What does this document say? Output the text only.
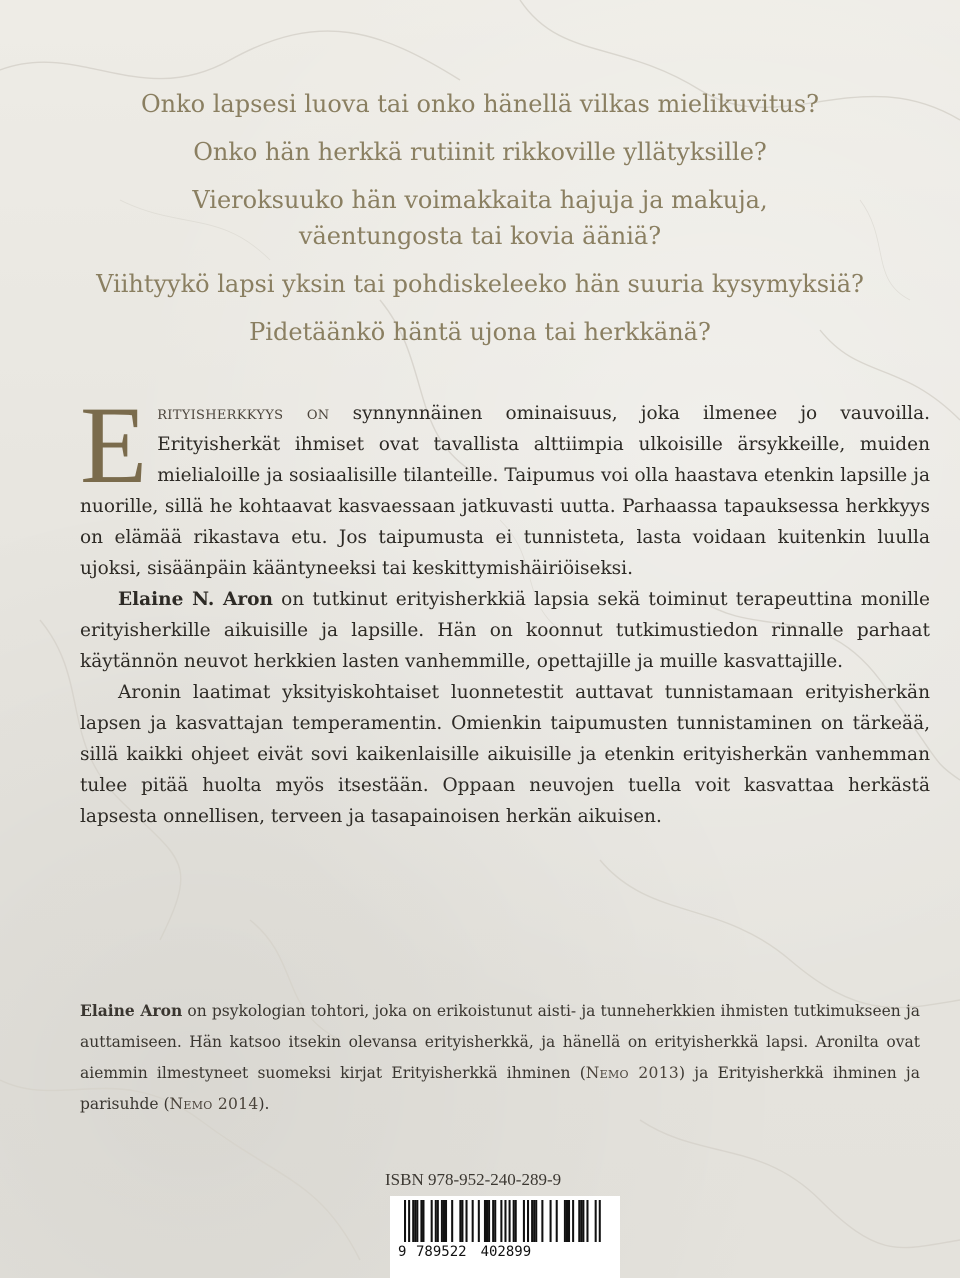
Onko lapsesi luova tai onko hänellä vilkas mielikuvitus?
Onko hän herkkä rutiinit rikkoville yllätyksille?
Vieroksuuko hän voimakkaita hajuja ja makuja,
väentungosta tai kovia ääniä?
Viihtyykö lapsi yksin tai pohdiskeleeko hän suuria kysymyksiä?
Pidetäänkö häntä ujona tai herkkänä?

Erityisherkkyys on synnynnäinen ominaisuus, joka ilmenee jo vauvoilla. Erityisherkät ihmiset ovat tavallista alttiimpia ulkoisille ärsykkeille, muiden mielialoille ja sosiaalisille tilanteille. Taipumus voi olla haastava etenkin lapsille ja nuorille, sillä he kohtaavat kasvaessaan jatkuvasti uutta. Parhaassa tapauksessa herkkyys on elämää rikastava etu. Jos taipumusta ei tunnisteta, lasta voidaan kuitenkin luulla ujoksi, sisäänpäin kääntyneeksi tai keskittymishäiriöiseksi.

Elaine N. Aron on tutkinut erityisherkkiä lapsia sekä toiminut terapeuttina monille erityisherkille aikuisille ja lapsille. Hän on koonnut tutkimustiedon rinnalle parhaat käytännön neuvot herkkien lasten vanhemmille, opettajille ja muille kasvattajille.

Aronin laatimat yksityiskohtaiset luonnetestit auttavat tunnistamaan erityisherkän lapsen ja kasvattajan temperamentin. Omienkin taipumusten tunnistaminen on tärkeää, sillä kaikki ohjeet eivät sovi kaikenlaisille aikuisille ja etenkin erityisherkän vanhemman tulee pitää huolta myös itsestään. Oppaan neuvojen tuella voit kasvattaa herkästä lapsesta onnellisen, terveen ja tasapainoisen herkän aikuisen.

Elaine Aron on psykologian tohtori, joka on erikoistunut aisti- ja tunneherkkien ihmisten tutkimukseen ja auttamiseen. Hän katsoo itsekin olevansa erityisherkkä, ja hänellä on erityisherkkä lapsi. Aronilta ovat aiemmin ilmestyneet suomeksi kirjat Erityisherkkä ihminen (Nemo 2013) ja Erityisherkkä ihminen ja parisuhde (Nemo 2014).
ISBN 978-952-240-289-9
9 789522 402899
